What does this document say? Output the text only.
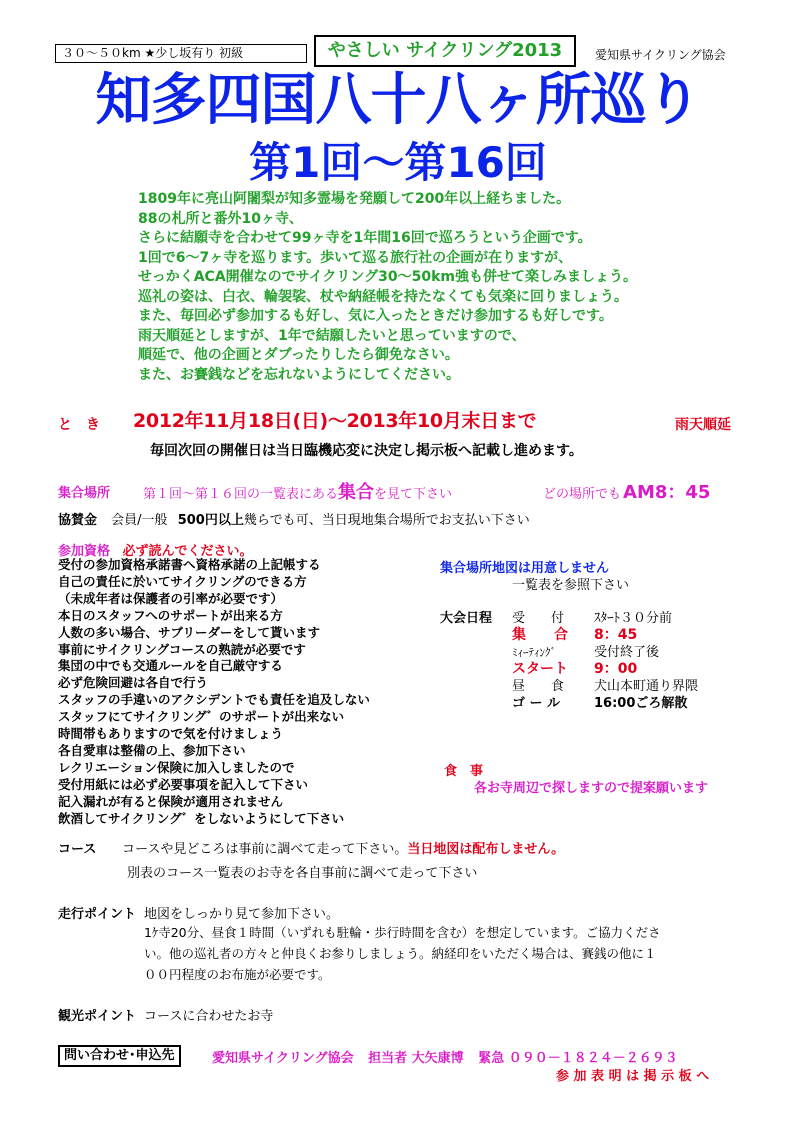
３０～５０km ★少し坂有り 初級	やさしい サイクリング2013	愛知県サイクリング協会
知多四国八十八ヶ所巡り
第1回～第16回
1809年に亮山阿闍梨が知多霊場を発願して200年以上経ちました。
88の札所と番外10ヶ寺、
さらに結願寺を合わせて99ヶ寺を1年間16回で巡ろうという企画です。
1回で6～7ヶ寺を巡ります。歩いて巡る旅行社の企画が在りますが、
せっかくACA開催なのでサイクリング30～50km強も併せて楽しみましょう。
巡礼の姿は、白衣、輪袈裟、杖や納経帳を持たなくても気楽に回りましょう。
また、毎回必ず参加するも好し、気に入ったときだけ参加するも好しです。
雨天順延としますが、1年で結願したいと思っていますので、
順延で、他の企画とダブったりしたら御免なさい。
また、お賽銭などを忘れないようにしてください。
と　き 2012年11月18日(日)～2013年10月末日まで	雨天順延
毎回次回の開催日は当日臨機応変に決定し掲示板へ記載し進めます。
集合場所	第１回～第１６回の一覧表にある集合を見て下さい	どの場所でも AM8：45
協賛金 会員/一般 500円以上幾らでも可、当日現地集合場所でお支払い下さい
参加資格 必ず読んでください。
受付の参加資格承諾書へ資格承諾の上記帳する
自己の責任に於いてサイクリングのできる方
（未成年者は保護者の引率が必要です）
本日のスタッフへのサポートが出来る方
人数の多い場合、サブリーダーをして貰います
事前にサイクリングコースの熟読が必要です
集団の中でも交通ルールを自己厳守する
必ず危険回避は各自で行う
スタッフの手違いのアクシデントでも責任を追及しない
スタッフにてサイクリング゛のサポートが出来ない
時間帯もありますので気を付けましょう
各自愛車は整備の上、参加下さい
レクリエーション保険に加入しましたので
受付用紙には必ず必要事項を記入して下さい
記入漏れが有ると保険が適用されません
飲酒してサイクリング゛をしないようにして下さい
集合場所地図は用意しません
一覧表を参照下さい
大会日程 受　　付 ｽﾀｰﾄ３０分前
集　　合 8：45
ﾐｨｰﾃｨﾝｸﾞ	受付終了後
スタート 9：00
昼　　食 犬山本町通り界隈
ゴ ー ル	16:00ごろ解散
食　事
各お寺周辺で探しますので提案願います
コース コースや見どころは事前に調べて走って下さい。当日地図は配布しません。
別表のコース一覧表のお寺を各自事前に調べて走って下さい
走行ポイント 地図をしっかり見て参加下さい。
1ｹ寺20分、昼食１時間（いずれも駐輪・歩行時間を含む）を想定しています。ご協力くださ
い。他の巡礼者の方々と仲良くお参りしましょう。納経印をいただく場合は、賽銭の他に１
００円程度のお布施が必要です。
観光ポイント コースに合わせたお寺
問い合わせ･申込先	愛知県サイクリング協会 担当者 大矢康博 緊急 ０９０－１８２４－２６９３
参 加 表 明 は 掲 示 板 へ
